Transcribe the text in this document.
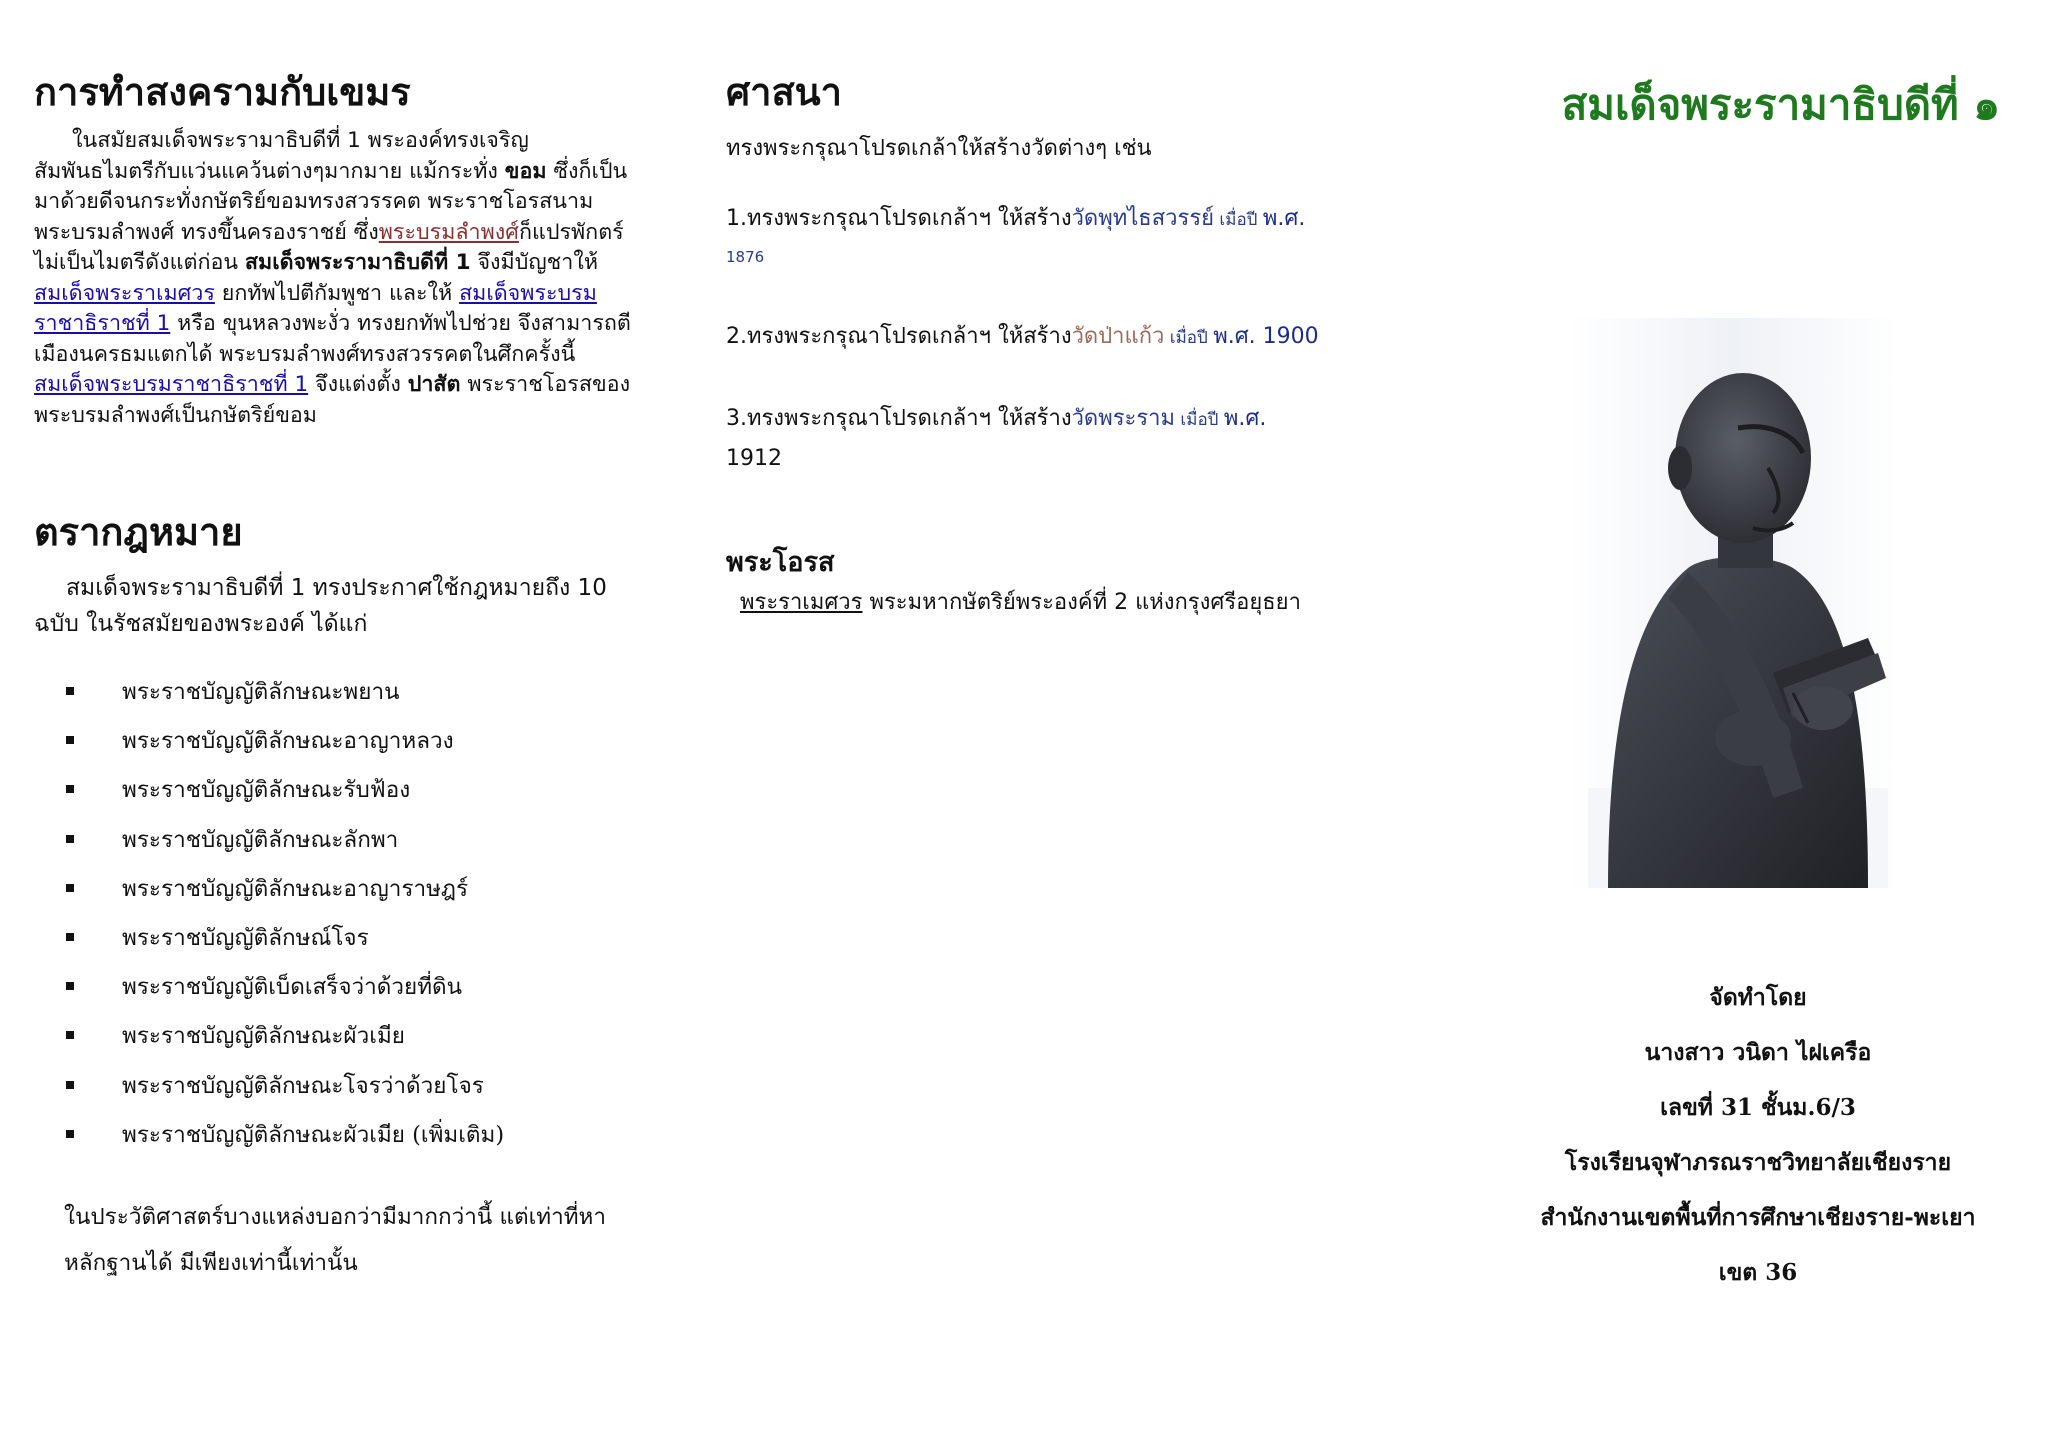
การทำสงครามกับเขมร

ในสมัยสมเด็จพระรามาธิบดีที่ 1 พระองค์ทรงเจริญสัมพันธไมตรีกับแว่นแคว้นต่างๆมากมาย แม้กระทั่ง ขอม ซึ่งก็เป็นมาด้วยดีจนกระทั่งกษัตริย์ขอมทรงสวรรคต พระราชโอรสนาม พระบรมลำพงศ์ ทรงขึ้นครองราชย์ ซึ่งพระบรมลำพงศ์ก็แปรพักตร์ไม่เป็นไมตรีดังแต่ก่อน สมเด็จพระรามาธิบดีที่ 1 จึงมีบัญชาให้ สมเด็จพระราเมศวร ยกทัพไปตีกัมพูชา และให้ สมเด็จพระบรมราชาธิราชที่ 1 หรือ ขุนหลวงพะงั่ว ทรงยกทัพไปช่วย จึงสามารถตีเมืองนครธมแตกได้ พระบรมลำพงศ์ทรงสวรรคตในศึกครั้งนี้ สมเด็จพระบรมราชาธิราชที่ 1 จึงแต่งตั้ง ปาสัต พระราชโอรสของพระบรมลำพงศ์เป็นกษัตริย์ขอม

ตรากฎหมาย

สมเด็จพระรามาธิบดีที่ 1 ทรงประกาศใช้กฎหมายถึง 10 ฉบับ ในรัชสมัยของพระองค์ ได้แก่

พระราชบัญญัติลักษณะพยาน
พระราชบัญญัติลักษณะอาญาหลวง
พระราชบัญญัติลักษณะรับฟ้อง
พระราชบัญญัติลักษณะลักพา
พระราชบัญญัติลักษณะอาญาราษฎร์
พระราชบัญญัติลักษณ์โจร
พระราชบัญญัติเบ็ดเสร็จว่าด้วยที่ดิน
พระราชบัญญัติลักษณะผัวเมีย
พระราชบัญญัติลักษณะโจรว่าด้วยโจร
พระราชบัญญัติลักษณะผัวเมีย (เพิ่มเติม)

ในประวัติศาสตร์บางแหล่งบอกว่ามีมากกว่านี้ แต่เท่าที่หาหลักฐานได้ มีเพียงเท่านี้เท่านั้น

ศาสนา
ทรงพระกรุณาโปรดเกล้าให้สร้างวัดต่างๆ เช่น
1.ทรงพระกรุณาโปรดเกล้าฯ ให้สร้างวัดพุทไธสวรรย์ เมื่อปี พ.ศ.
1876
2.ทรงพระกรุณาโปรดเกล้าฯ ให้สร้างวัดป่าแก้ว เมื่อปี พ.ศ. 1900
3.ทรงพระกรุณาโปรดเกล้าฯ ให้สร้างวัดพระราม เมื่อปี พ.ศ.
1912
พระโอรส
พระราเมศวร พระมหากษัตริย์พระองค์ที่ 2 แห่งกรุงศรีอยุธยา
สมเด็จพระรามาธิบดีที่ ๑
จัดทำโดย
นางสาว วนิดา ไฝเครือ
เลขที่ 31 ชั้นม.6/3
โรงเรียนจุฬาภรณราชวิทยาลัยเชียงราย
สำนักงานเขตพื้นที่การศึกษาเชียงราย-พะเยา
เขต 36
